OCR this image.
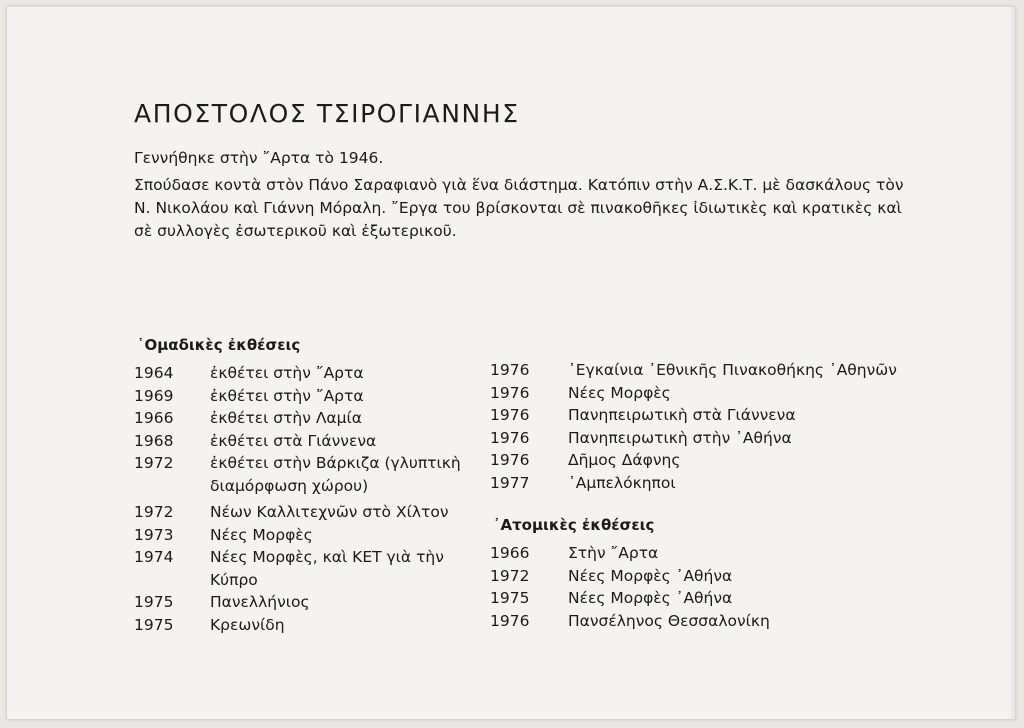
ΑΠΟΣΤΟΛΟΣ ΤΣΙΡΟΓΙΑΝΝΗΣ

Γεννήθηκε στὴν ῎Αρτα τὸ 1946.

Σπούδασε κοντὰ στὸν Πάνο Σαραφιανὸ γιὰ ἕνα διάστημα. Κατόπιν στὴν Α.Σ.Κ.Τ. μὲ δασκάλους τὸν Ν. Νικολάου καὶ Γιάννη Μόραλη. ῎Εργα του βρίσκονται σὲ πινακοθῆκες ἰδιωτικὲς καὶ κρατικὲς καὶ σὲ συλλογὲς ἐσωτερικοῦ καὶ ἐξωτερικοῦ.

῾Ομαδικὲς ἐκθέσεις
1964	ἐκθέτει στὴν ῎Αρτα
1969	ἐκθέτει στὴν ῎Αρτα
1966	ἐκθέτει στὴν Λαμία
1968	ἐκθέτει στὰ Γιάννενα
1972	ἐκθέτει στὴν Βάρκιζα (γλυπτικὴ διαμόρφωση χώρου)
1972	Νέων Καλλιτεχνῶν στὸ Χίλτον
1973	Νέες Μορφὲς
1974	Νέες Μορφὲς, καὶ ΚΕΤ γιὰ τὴν Κύπρο
1975	Πανελλήνιος
1975	Κρεωνίδη
1976	᾿Εγκαίνια ᾿Εθνικῆς Πινακοθήκης ᾿Αθηνῶν
1976	Νέες Μορφὲς
1976	Πανηπειρωτικὴ στὰ Γιάννενα
1976	Πανηπειρωτικὴ στὴν ᾿Αθήνα
1976	Δῆμος Δάφνης
1977	᾿Αμπελόκηποι
᾿Ατομικὲς ἐκθέσεις
1966	Στὴν ῎Αρτα
1972	Νέες Μορφὲς ᾿Αθήνα
1975	Νέες Μορφὲς ᾿Αθήνα
1976	Πανσέληνος Θεσσαλονίκη
